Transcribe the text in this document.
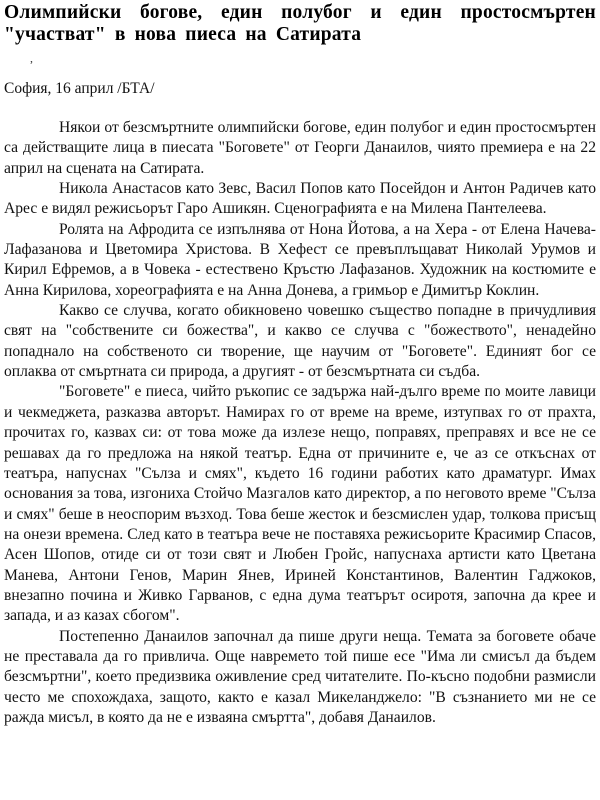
Олимпийски богове, един полубог и един простосмъртен "участват" в нова пиеса на Сатирата
,

София, 16 април /БТА/

Някои от безсмъртните олимпийски богове, един полубог и един простосмъртен са действащите лица в пиесата "Боговете" от Георги Данаилов, чиято премиера е на 22 април на сцената на Сатирата.

Никола Анастасов като Зевс, Васил Попов като Посейдон и Антон Радичев като Арес е видял режисьорът Гаро Ашикян. Сценографията е на Милена Пантелеева.

Ролята на Афродита се изпълнява от Нона Йотова, а на Хера - от Елена Начева-Лафазанова и Цветомира Христова. В Хефест се превъплъщават Николай Урумов и Кирил Ефремов, а в Човека - естествено Кръстю Лафазанов. Художник на костюмите е Анна Кирилова, хореографията е на Анна Донева, а гримьор е Димитър Коклин.

Какво се случва, когато обикновено човешко същество попадне в причудливия свят на "собствените си божества", и какво се случва с "божеството", ненадейно попаднало на собственото си творение, ще научим от "Боговете". Единият бог се оплаква от смъртната си природа, а другият - от безсмъртната си съдба.

"Боговете" е пиеса, чийто ръкопис се задържа най-дълго време по моите лавици и чекмеджета, разказва авторът. Намирах го от време на време, изтупвах го от прахта, прочитах го, казвах си: от това може да излезе нещо, поправях, преправях и все не се решавах да го предложа на някой театър. Една от причините е, че аз се откъснах от театъра, напуснах "Сълза и смях", където 16 години работих като драматург. Имах основания за това, изгониха Стойчо Мазгалов като директор, а по неговото време "Сълза и смях" беше в неоспорим възход. Това беше жесток и безсмислен удар, толкова присъщ на онези времена. След като в театъра вече не поставяха режисьорите Красимир Спасов, Асен Шопов, отиде си от този свят и Любен Гройс, напуснаха артисти като Цветана Манева, Антони Генов, Марин Янев, Ириней Константинов, Валентин Гаджоков, внезапно почина и Живко Гарванов, с една дума театърът осиротя, започна да крее и запада, и аз казах сбогом".

Постепенно Данаилов започнал да пише други неща. Темата за боговете обаче не преставала да го привлича. Още навремето той пише есе "Има ли смисъл да бъдем безсмъртни", което предизвика оживление сред читателите. По-късно подобни размисли често ме спохождаха, защото, както е казал Микеланджело: "В съзнанието ми не се ражда мисъл, в която да не е изваяна смъртта", добавя Данаилов.
